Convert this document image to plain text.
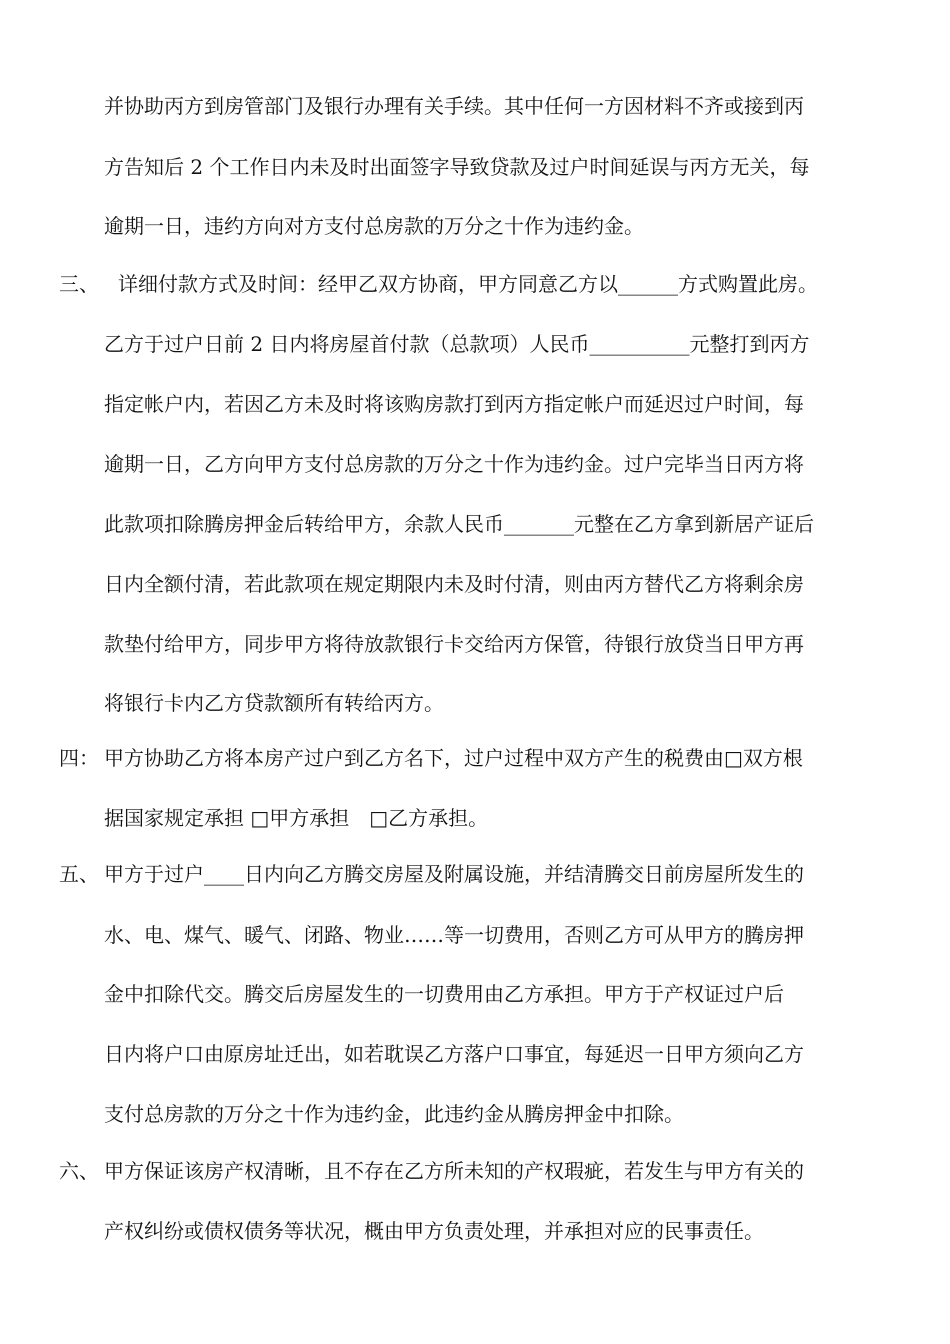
并协助丙方到房管部门及银行办理有关手续。其中任何一方因材料不齐或接到丙
方告知后 2 个工作日内未及时出面签字导致贷款及过户时间延误与丙方无关，每
逾期一日，违约方向对方支付总房款的万分之十作为违约金。
三、 详细付款方式及时间：经甲乙双方协商，甲方同意乙方以______方式购置此房。
乙方于过户日前 2 日内将房屋首付款（总款项）人民币__________元整打到丙方
指定帐户内，若因乙方未及时将该购房款打到丙方指定帐户而延迟过户时间，每
逾期一日，乙方向甲方支付总房款的万分之十作为违约金。过户完毕当日丙方将
此款项扣除腾房押金后转给甲方，余款人民币_______元整在乙方拿到新居产证后
日内全额付清，若此款项在规定期限内未及时付清，则由丙方替代乙方将剩余房
款垫付给甲方，同步甲方将待放款银行卡交给丙方保管，待银行放贷当日甲方再
将银行卡内乙方贷款额所有转给丙方。
四： 甲方协助乙方将本房产过户到乙方名下，过户过程中双方产生的税费由□双方根
据国家规定承担 □甲方承担　□乙方承担。
五、 甲方于过户____日内向乙方腾交房屋及附属设施，并结清腾交日前房屋所发生的
水、电、煤气、暖气、闭路、物业……等一切费用，否则乙方可从甲方的腾房押
金中扣除代交。腾交后房屋发生的一切费用由乙方承担。甲方于产权证过户后
日内将户口由原房址迁出，如若耽误乙方落户口事宜，每延迟一日甲方须向乙方
支付总房款的万分之十作为违约金，此违约金从腾房押金中扣除。
六、 甲方保证该房产权清晰，且不存在乙方所未知的产权瑕疵，若发生与甲方有关的
产权纠纷或债权债务等状况，概由甲方负责处理，并承担对应的民事责任。
